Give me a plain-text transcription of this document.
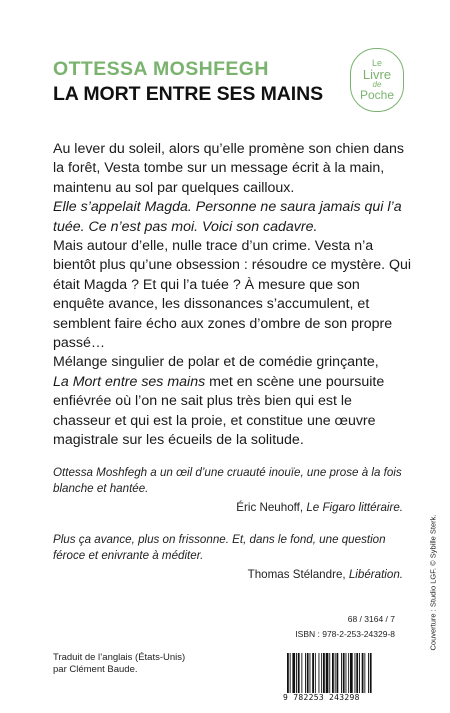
OTTESSA MOSHFEGH
LA MORT ENTRE SES MAINS
Le
Livre
de
Poche

Au lever du soleil, alors qu’elle promène son chien dans la forêt, Vesta tombe sur un message écrit à la main, maintenu au sol par quelques cailloux.
Elle s’appelait Magda. Personne ne saura jamais qui l’a tuée. Ce n’est pas moi. Voici son cadavre.

Mais autour d’elle, nulle trace d’un crime. Vesta n’a bientôt plus qu’une obsession : résoudre ce mystère. Qui était Magda ? Et qui l’a tuée ? À mesure que son enquête avance, les dissonances s’accumulent, et semblent faire écho aux zones d’ombre de son propre passé…

Mélange singulier de polar et de comédie grinçante,
La Mort entre ses mains met en scène une poursuite enfiévrée où l’on ne sait plus très bien qui est le chasseur et qui est la proie, et constitue une œuvre magistrale sur les écueils de la solitude.

Ottessa Moshfegh a un œil d’une cruauté inouïe, une prose à la fois blanche et hantée.
Éric Neuhoff, Le Figaro littéraire.
Plus ça avance, plus on frissonne. Et, dans le fond, une question féroce et enivrante à méditer.
Thomas Stélandre, Libération.	Couverture : Studio LGF. © Sybille Sterk.
68 / 3164 / 7
ISBN : 978-2-253-24329-8
Traduit de l’anglais (États-Unis)
par Clément Baude.
9 782253 243298
